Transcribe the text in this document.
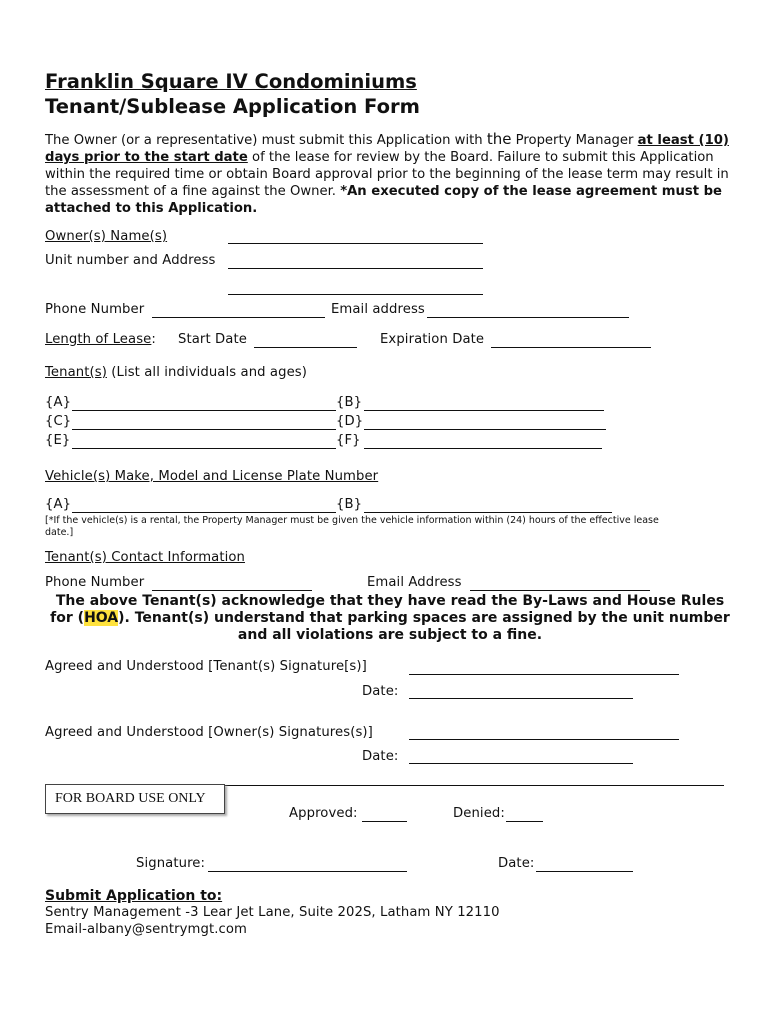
Franklin Square IV Condominiums
Tenant/Sublease Application Form
The Owner (or a representative) must submit this Application with the Property Manager at least (10) days prior to the start date of the lease for review by the Board. Failure to submit this Application within the required time or obtain Board approval prior to the beginning of the lease term may result in the assessment of a fine against the Owner. *An executed copy of the lease agreement must be attached to this Application.
Owner(s) Name(s)
Unit number and Address
Phone Number	Email address
Length of Lease: Start Date	Expiration Date
Tenant(s) (List all individuals and ages)
{A}	{B}
{C}	{D}
{E}	{F}
Vehicle(s) Make, Model and License Plate Number
{A}	{B}
[*If the vehicle(s) is a rental, the Property Manager must be given the vehicle information within (24) hours of the effective lease
date.]
Tenant(s) Contact Information
Phone Number	Email Address
The above Tenant(s) acknowledge that they have read the By-Laws and House Rules
for (HOA). Tenant(s) understand that parking spaces are assigned by the unit number
and all violations are subject to a fine.
Agreed and Understood [Tenant(s) Signature[s)]
Date:
Agreed and Understood [Owner(s) Signatures(s)]
Date:
FOR BOARD USE ONLY
Approved:	Denied:
Signature:	Date:
Submit Application to:
Sentry Management -3 Lear Jet Lane, Suite 202S, Latham NY 12110
Email-albany@sentrymgt.com
